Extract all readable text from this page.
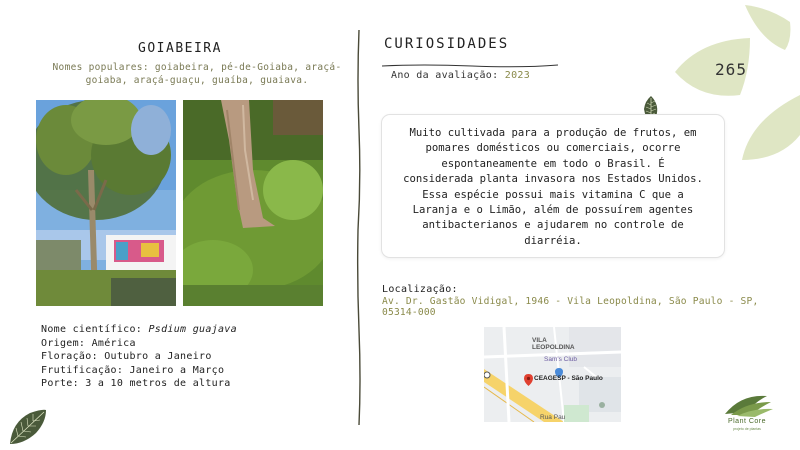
GOIABEIRA
Nomes populares: goiabeira, pé-de-Goiaba, araçá-
goiaba, araçá-guaçu, guaíba, guaiava.
Nome científico: Psdium guajava
Origem: América
Floração: Outubro a Janeiro
Frutificação: Janeiro a Março
Porte: 3 a 10 metros de altura
CURIOSIDADES
Ano da avaliação: 2023	265
Muito cultivada para a produção de frutos, em
pomares domésticos ou comerciais, ocorre
espontaneamente em todo o Brasil. É
considerada planta invasora nos Estados Unidos.
Essa espécie possui mais vitamina C que a
Laranja e o Limão, além de possuírem agentes
antibacterianos e ajudarem no controle de
diarréia.
Localização:
Av. Dr. Gastão Vidigal, 1946 - Vila Leopoldina, São Paulo - SP, 05314-000
VILA
LEOPOLDINA
Sam's Club
CEAGESP - São Paulo
Rua Pau
Plant Core
projeto de plantas
